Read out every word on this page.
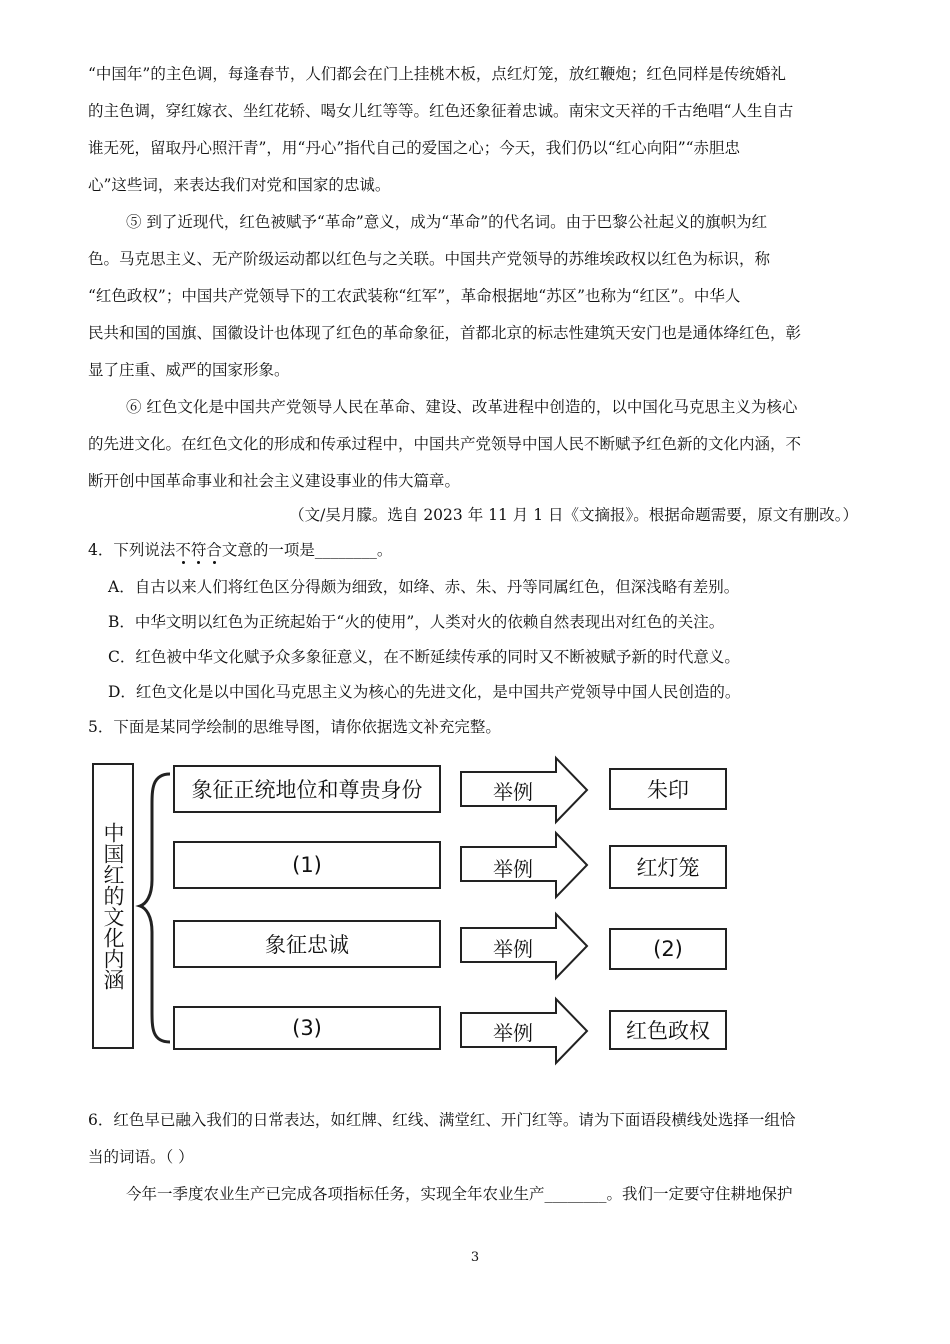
“中国年”的主色调，每逢春节，人们都会在门上挂桃木板，点红灯笼，放红鞭炮；红色同样是传统婚礼
的主色调，穿红嫁衣、坐红花轿、喝女儿红等等。红色还象征着忠诚。南宋文天祥的千古绝唱“人生自古
谁无死，留取丹心照汗青”，用“丹心”指代自己的爱国之心；今天，我们仍以“红心向阳”“赤胆忠
心”这些词，来表达我们对党和国家的忠诚。
⑤ 到了近现代，红色被赋予“革命”意义，成为“革命”的代名词。由于巴黎公社起义的旗帜为红
色。马克思主义、无产阶级运动都以红色与之关联。中国共产党领导的苏维埃政权以红色为标识，称
“红色政权”；中国共产党领导下的工农武装称“红军”，革命根据地“苏区”也称为“红区”。中华人
民共和国的国旗、国徽设计也体现了红色的革命象征，首都北京的标志性建筑天安门也是通体绛红色，彰
显了庄重、威严的国家形象。
⑥ 红色文化是中国共产党领导人民在革命、建设、改革进程中创造的，以中国化马克思主义为核心
的先进文化。在红色文化的形成和传承过程中，中国共产党领导中国人民不断赋予红色新的文化内涵，不
断开创中国革命事业和社会主义建设事业的伟大篇章。
（文/吴月朦。选自 2023 年 11 月 1 日《文摘报》。根据命题需要，原文有删改。）
4．下列说法不符合文意的一项是________。
A．自古以来人们将红色区分得颇为细致，如绛、赤、朱、丹等同属红色，但深浅略有差别。
B．中华文明以红色为正统起始于“火的使用”，人类对火的依赖自然表现出对红色的关注。
C．红色被中华文化赋予众多象征意义，在不断延续传承的同时又不断被赋予新的时代意义。
D．红色文化是以中国化马克思主义为核心的先进文化，是中国共产党领导中国人民创造的。
5．下面是某同学绘制的思维导图，请你依据选文补充完整。
中国红的文化内涵
象征正统地位和尊贵身份
(1)
象征忠诚
(3)
举例
举例
举例
举例
朱印
红灯笼
(2)
红色政权
6．红色早已融入我们的日常表达，如红牌、红线、满堂红、开门红等。请为下面语段横线处选择一组恰
当的词语。（ ）
今年一季度农业生产已完成各项指标任务，实现全年农业生产________。我们一定要守住耕地保护
3
